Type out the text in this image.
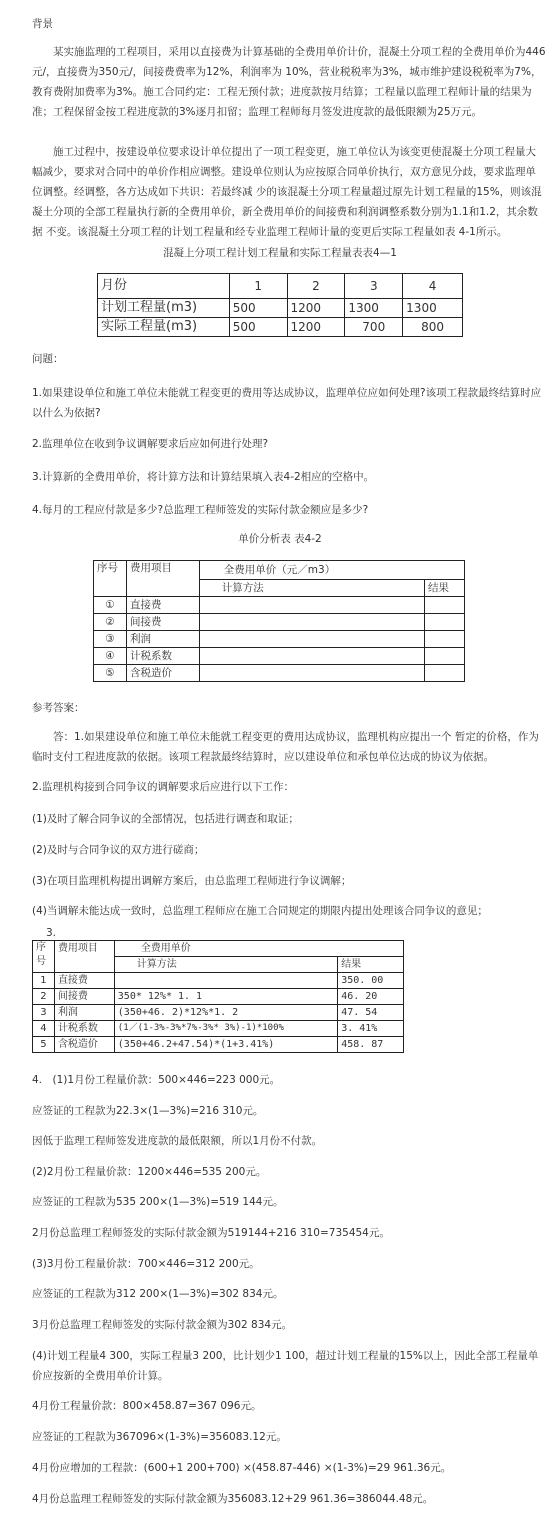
背景

某实施监理的工程项目，采用以直接费为计算基础的全费用单价计价，混凝土分项工程的全费用单价为446元/，直接费为350元/，间接费费率为12%，利润率为 10%，营业税税率为3%，城市维护建设税税率为7%，教育费附加费率为3%。施工合同约定：工程无预付款；进度款按月结算；工程量以监理工程师计量的结果为准；工程保留金按工程进度款的3%逐月扣留；监理工程师每月签发进度款的最低限额为25万元。

施工过程中，按建设单位要求设计单位提出了一项工程变更，施工单位认为该变更使混凝土分项工程量大幅减少，要求对合同中的单价作相应调整。建设单位则认为应按原合同单价执行，双方意见分歧，要求监理单位调整。经调整，各方达成如下共识：若最终减 少的该混凝土分项工程量超过原先计划工程量的15%，则该混凝土分项的全部工程量执行新的全费用单价，新全费用单价的间接费和利润调整系数分别为1.1和1.2，其余数据 不变。该混凝土分项工程的计划工程量和经专业监理工程师计量的变更后实际工程量如表 4-1所示。

混凝上分项工程计划工程量和实际工程量表表4—1

月份	1	2	3	4
计划工程量(m3)	500	1200	1300	1300
实际工程量(m3)	500	1200	700	800

问题：

1.如果建设单位和施工单位未能就工程变更的费用等达成协议，监理单位应如何处理?该项工程款最终结算时应以什么为依据?

2.监理单位在收到争议调解要求后应如何进行处理?

3.计算新的全费用单价，将计算方法和计算结果填入表4-2相应的空格中。

4.每月的工程应付款是多少?总监理工程师签发的实际付款金额应是多少?

单价分析表 表4-2

序号	费用项目	全费用单价（元／m3）	
		计算方法	结果
①	直接费		
②	间接费		
③	利润		
④	计税系数		
⑤	含税造价		

参考答案：

答：1.如果建设单位和施工单位未能就工程变更的费用达成协议，监理机构应提出一个 暂定的价格，作为临时支付工程进度款的依据。该项工程款最终结算时，应以建设单位和承包单位达成的协议为依据。

2.监理机构接到合同争议的调解要求后应进行以下工作：

(1)及时了解合同争议的全部情况，包括进行调查和取证；

(2)及时与合同争议的双方进行磋商；

(3)在项目监理机构提出调解方案后，由总监理工程师进行争议调解；

(4)当调解未能达成一致时，总监理工程师应在施工合同规定的期限内提出处理该合同争议的意见；

3.
序
号	费用项目	全费用单价	
		计算方法	结果
1	直接费		350. 00
2	间接费	350* 12%* 1. 1	46. 20
3	利润	(350+46. 2)*12%*1. 2	47. 54
4	计税系数	(1／(1-3%-3%*7%-3%* 3%)-1)*100%	3. 41%
5	含税造价	(350+46.2+47.54)*(1+3.41%)	458. 87

4.　(1)1月份工程量价款：500×446=223 000元。

应签证的工程款为22.3×(1—3%)=216 310元。

因低于监理工程师签发进度款的最低限额，所以1月份不付款。

(2)2月份工程量价款：1200×446=535 200元。

应签证的工程款为535 200×(1—3%)=519 144元。

2月份总监理工程师签发的实际付款金额为519144+216 310=735454元。

(3)3月份工程量价款：700×446=312 200元。

应签证的工程款为312 200×(1—3%)=302 834元。

3月份总监理工程师签发的实际付款金额为302 834元。

(4)计划工程量4 300，实际工程量3 200，比计划少1 100，超过计划工程量的15%以上，因此全部工程量单价应按新的全费用单价计算。

4月份工程量价款：800×458.87=367 096元。

应签证的工程款为367096×(1-3%)=356083.12元。

4月份应增加的工程款：(600+1 200+700) ×(458.87-446) ×(1-3%)=29 961.36元。

4月份总监理工程师签发的实际付款金额为356083.12+29 961.36=386044.48元。
